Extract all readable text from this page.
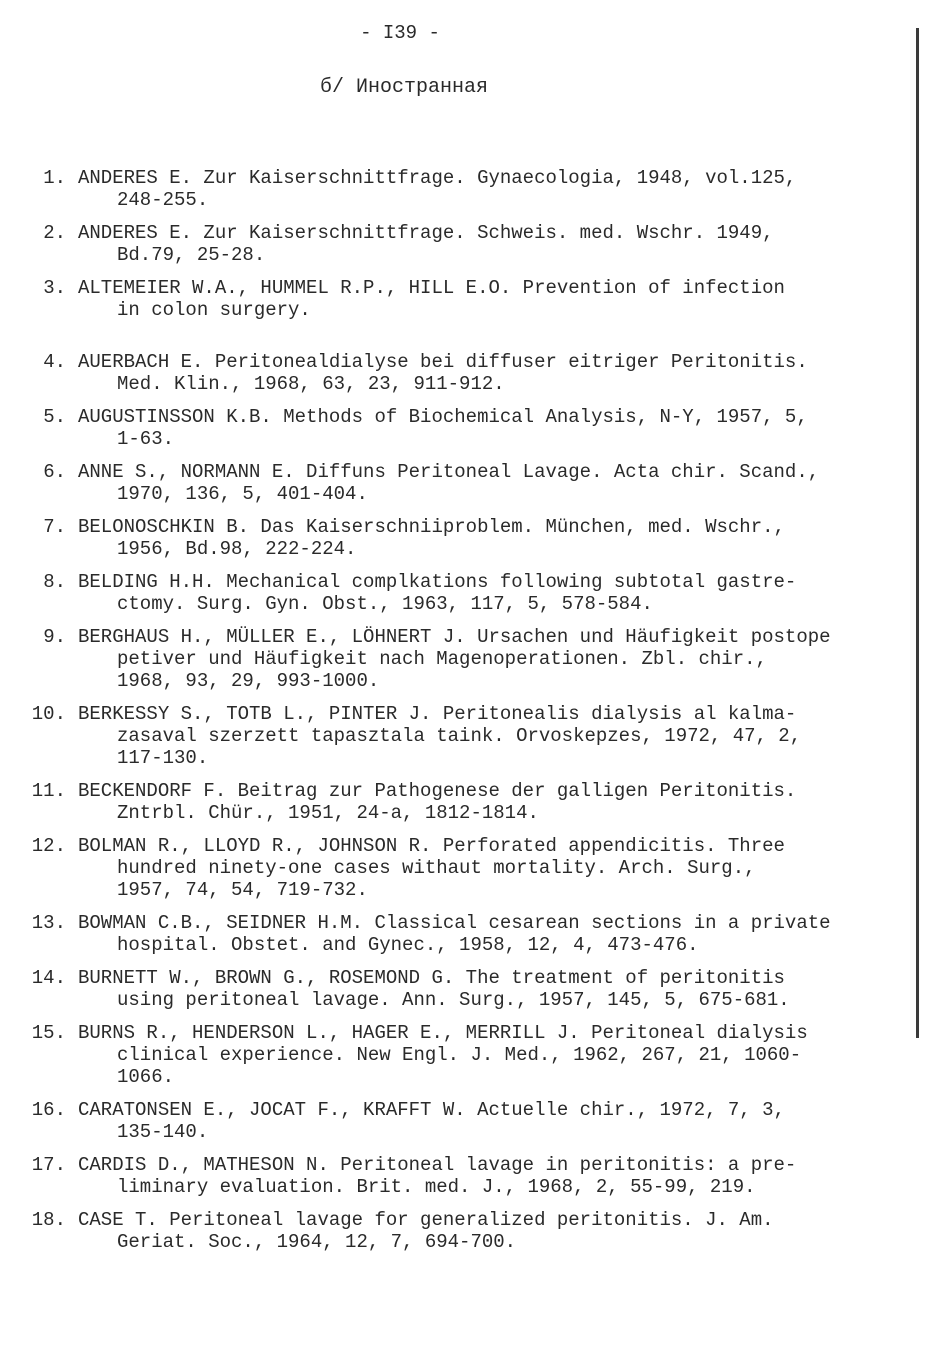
- I39 -
б/ Иностранная
1. ANDERES E. Zur Kaiserschnittfrage. Gynaecologia, 1948, vol.125,
248-255.
2. ANDERES E. Zur Kaiserschnittfrage. Schweis. med. Wschr. 1949,
Bd.79, 25-28.
3. ALTEMEIER W.A., HUMMEL R.P., HILL E.O. Prevention of infection
in colon surgery.
4. AUERBACH E. Peritonealdialyse bei diffuser eitriger Peritonitis.
Med. Klin., 1968, 63, 23, 911-912.
5. AUGUSTINSSON K.B. Methods of Biochemical Analysis, N-Y, 1957, 5,
1-63.
6. ANNE S., NORMANN E. Diffuns Peritoneal Lavage. Acta chir. Scand.,
1970, 136, 5, 401-404.
7. BELONOSCHKIN B. Das Kaiserschniiproblem. München, med. Wschr.,
1956, Bd.98, 222-224.
8. BELDING H.H. Mechanical complkations following subtotal gastre-
ctomy. Surg. Gyn. Obst., 1963, 117, 5, 578-584.
9. BERGHAUS H., MÜLLER E., LÖHNERT J. Ursachen und Häufigkeit postope
petiver und Häufigkeit nach Magenoperationen. Zbl. chir.,
1968, 93, 29, 993-1000.
10. BERKESSY S., TOTB L., PINTER J. Peritonealis dialysis al kalma-
zasaval szerzett tapasztala taink. Orvoskepzes, 1972, 47, 2,
117-130.
11. BECKENDORF F. Beitrag zur Pathogenese der galligen Peritonitis.
Zntrbl. Chür., 1951, 24-a, 1812-1814.
12. BOLMAN R., LLOYD R., JOHNSON R. Perforated appendicitis. Three
hundred ninety-one cases withaut mortality. Arch. Surg.,
1957, 74, 54, 719-732.
13. BOWMAN C.B., SEIDNER H.M. Classical cesarean sections in a private
hospital. Obstet. and Gynec., 1958, 12, 4, 473-476.
14. BURNETT W., BROWN G., ROSEMOND G. The treatment of peritonitis
using peritoneal lavage. Ann. Surg., 1957, 145, 5, 675-681.
15. BURNS R., HENDERSON L., HAGER E., MERRILL J. Peritoneal dialysis
clinical experience. New Engl. J. Med., 1962, 267, 21, 1060-
1066.
16. CARATONSEN E., JOCAT F., KRAFFT W. Actuelle chir., 1972, 7, 3,
135-140.
17. CARDIS D., MATHESON N. Peritoneal lavage in peritonitis: a pre-
liminary evaluation. Brit. med. J., 1968, 2, 55-99, 219.
18. CASE T. Peritoneal lavage for generalized peritonitis. J. Am.
Geriat. Soc., 1964, 12, 7, 694-700.
